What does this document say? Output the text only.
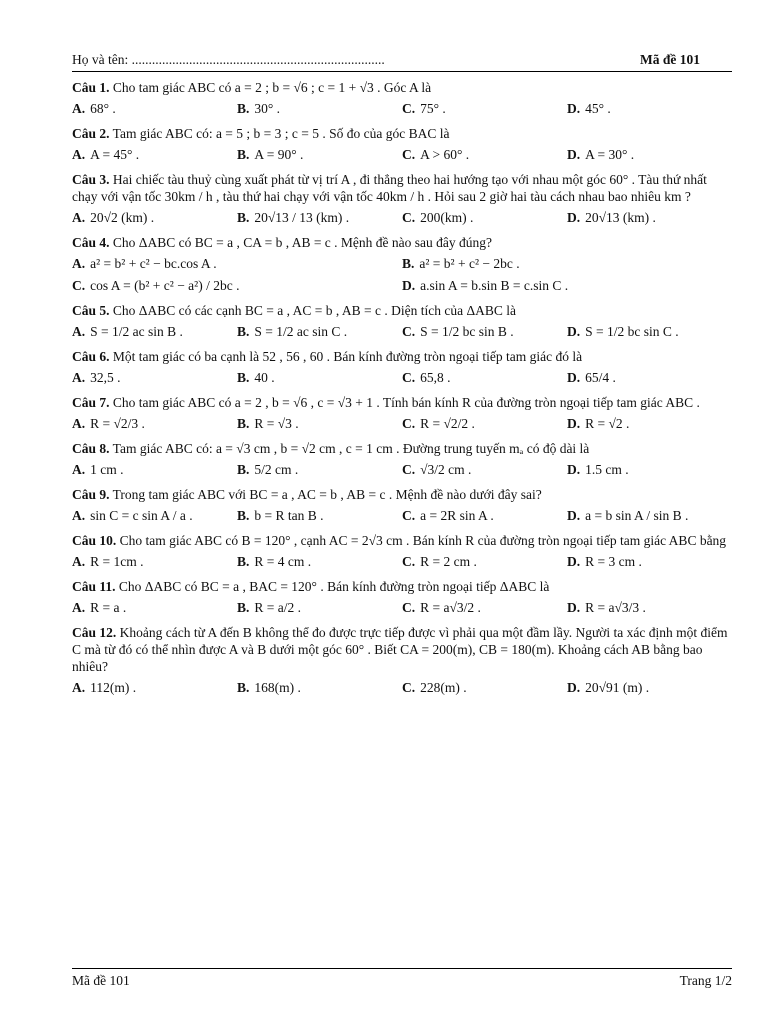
Họ và tên: ...........................................................................	Mã đề 101
Câu 1. Cho tam giác ABC có a = 2 ; b = √6 ; c = 1 + √3 . Góc A là
A. 68° .	B. 30° .	C. 75° .	D. 45° .
Câu 2. Tam giác ABC có: a = 5 ; b = 3 ; c = 5 . Số đo của góc BAC là
A. A = 45° .	B. A = 90° .	C. A > 60° .	D. A = 30° .
Câu 3. Hai chiếc tàu thuỷ cùng xuất phát từ vị trí A , đi thẳng theo hai hướng tạo với nhau một góc 60° . Tàu thứ nhất chạy với vận tốc 30km / h , tàu thứ hai chạy với vận tốc 40km / h . Hỏi sau 2 giờ hai tàu cách nhau bao nhiêu km ?
A. 20√2 (km) .	B. 20√13 / 13 (km) .	C. 200(km) .	D. 20√13 (km) .
Câu 4. Cho ΔABC có BC = a , CA = b , AB = c . Mệnh đề nào sau đây đúng?
A. a² = b² + c² − bc.cos A .	B. a² = b² + c² − 2bc .
C. cos A = (b² + c² − a²) / 2bc .	D. a.sin A = b.sin B = c.sin C .
Câu 5. Cho ΔABC có các cạnh BC = a , AC = b , AB = c . Diện tích của ΔABC là
A. S = 1/2 ac sin B .	B. S = 1/2 ac sin C .	C. S = 1/2 bc sin B .	D. S = 1/2 bc sin C .
Câu 6. Một tam giác có ba cạnh là 52 , 56 , 60 . Bán kính đường tròn ngoại tiếp tam giác đó là
A. 32,5 .	B. 40 .	C. 65,8 .	D. 65/4 .
Câu 7. Cho tam giác ABC có a = 2 , b = √6 , c = √3 + 1 . Tính bán kính R của đường tròn ngoại tiếp tam giác ABC .
A. R = √2/3 .	B. R = √3 .	C. R = √2/2 .	D. R = √2 .
Câu 8. Tam giác ABC có: a = √3 cm , b = √2 cm , c = 1 cm . Đường trung tuyến mₐ có độ dài là
A. 1 cm .	B. 5/2 cm .	C. √3/2 cm .	D. 1.5 cm .
Câu 9. Trong tam giác ABC với BC = a , AC = b , AB = c . Mệnh đề nào dưới đây sai?
A. sin C = c sin A / a .	B. b = R tan B .	C. a = 2R sin A .	D. a = b sin A / sin B .
Câu 10. Cho tam giác ABC có B = 120° , cạnh AC = 2√3 cm . Bán kính R của đường tròn ngoại tiếp tam giác ABC bằng
A. R = 1cm .	B. R = 4 cm .	C. R = 2 cm .	D. R = 3 cm .
Câu 11. Cho ΔABC có BC = a , BAC = 120° . Bán kính đường tròn ngoại tiếp ΔABC là
A. R = a .	B. R = a/2 .	C. R = a√3/2 .	D. R = a√3/3 .
Câu 12. Khoảng cách từ A đến B không thể đo được trực tiếp được vì phải qua một đầm lầy. Người ta xác định một điểm C mà từ đó có thể nhìn được A và B dưới một góc 60° . Biết CA = 200(m), CB = 180(m). Khoảng cách AB bằng bao nhiêu?
A. 112(m) .	B. 168(m) .	C. 228(m) .	D. 20√91 (m) .
Mã đề 101	Trang 1/2
